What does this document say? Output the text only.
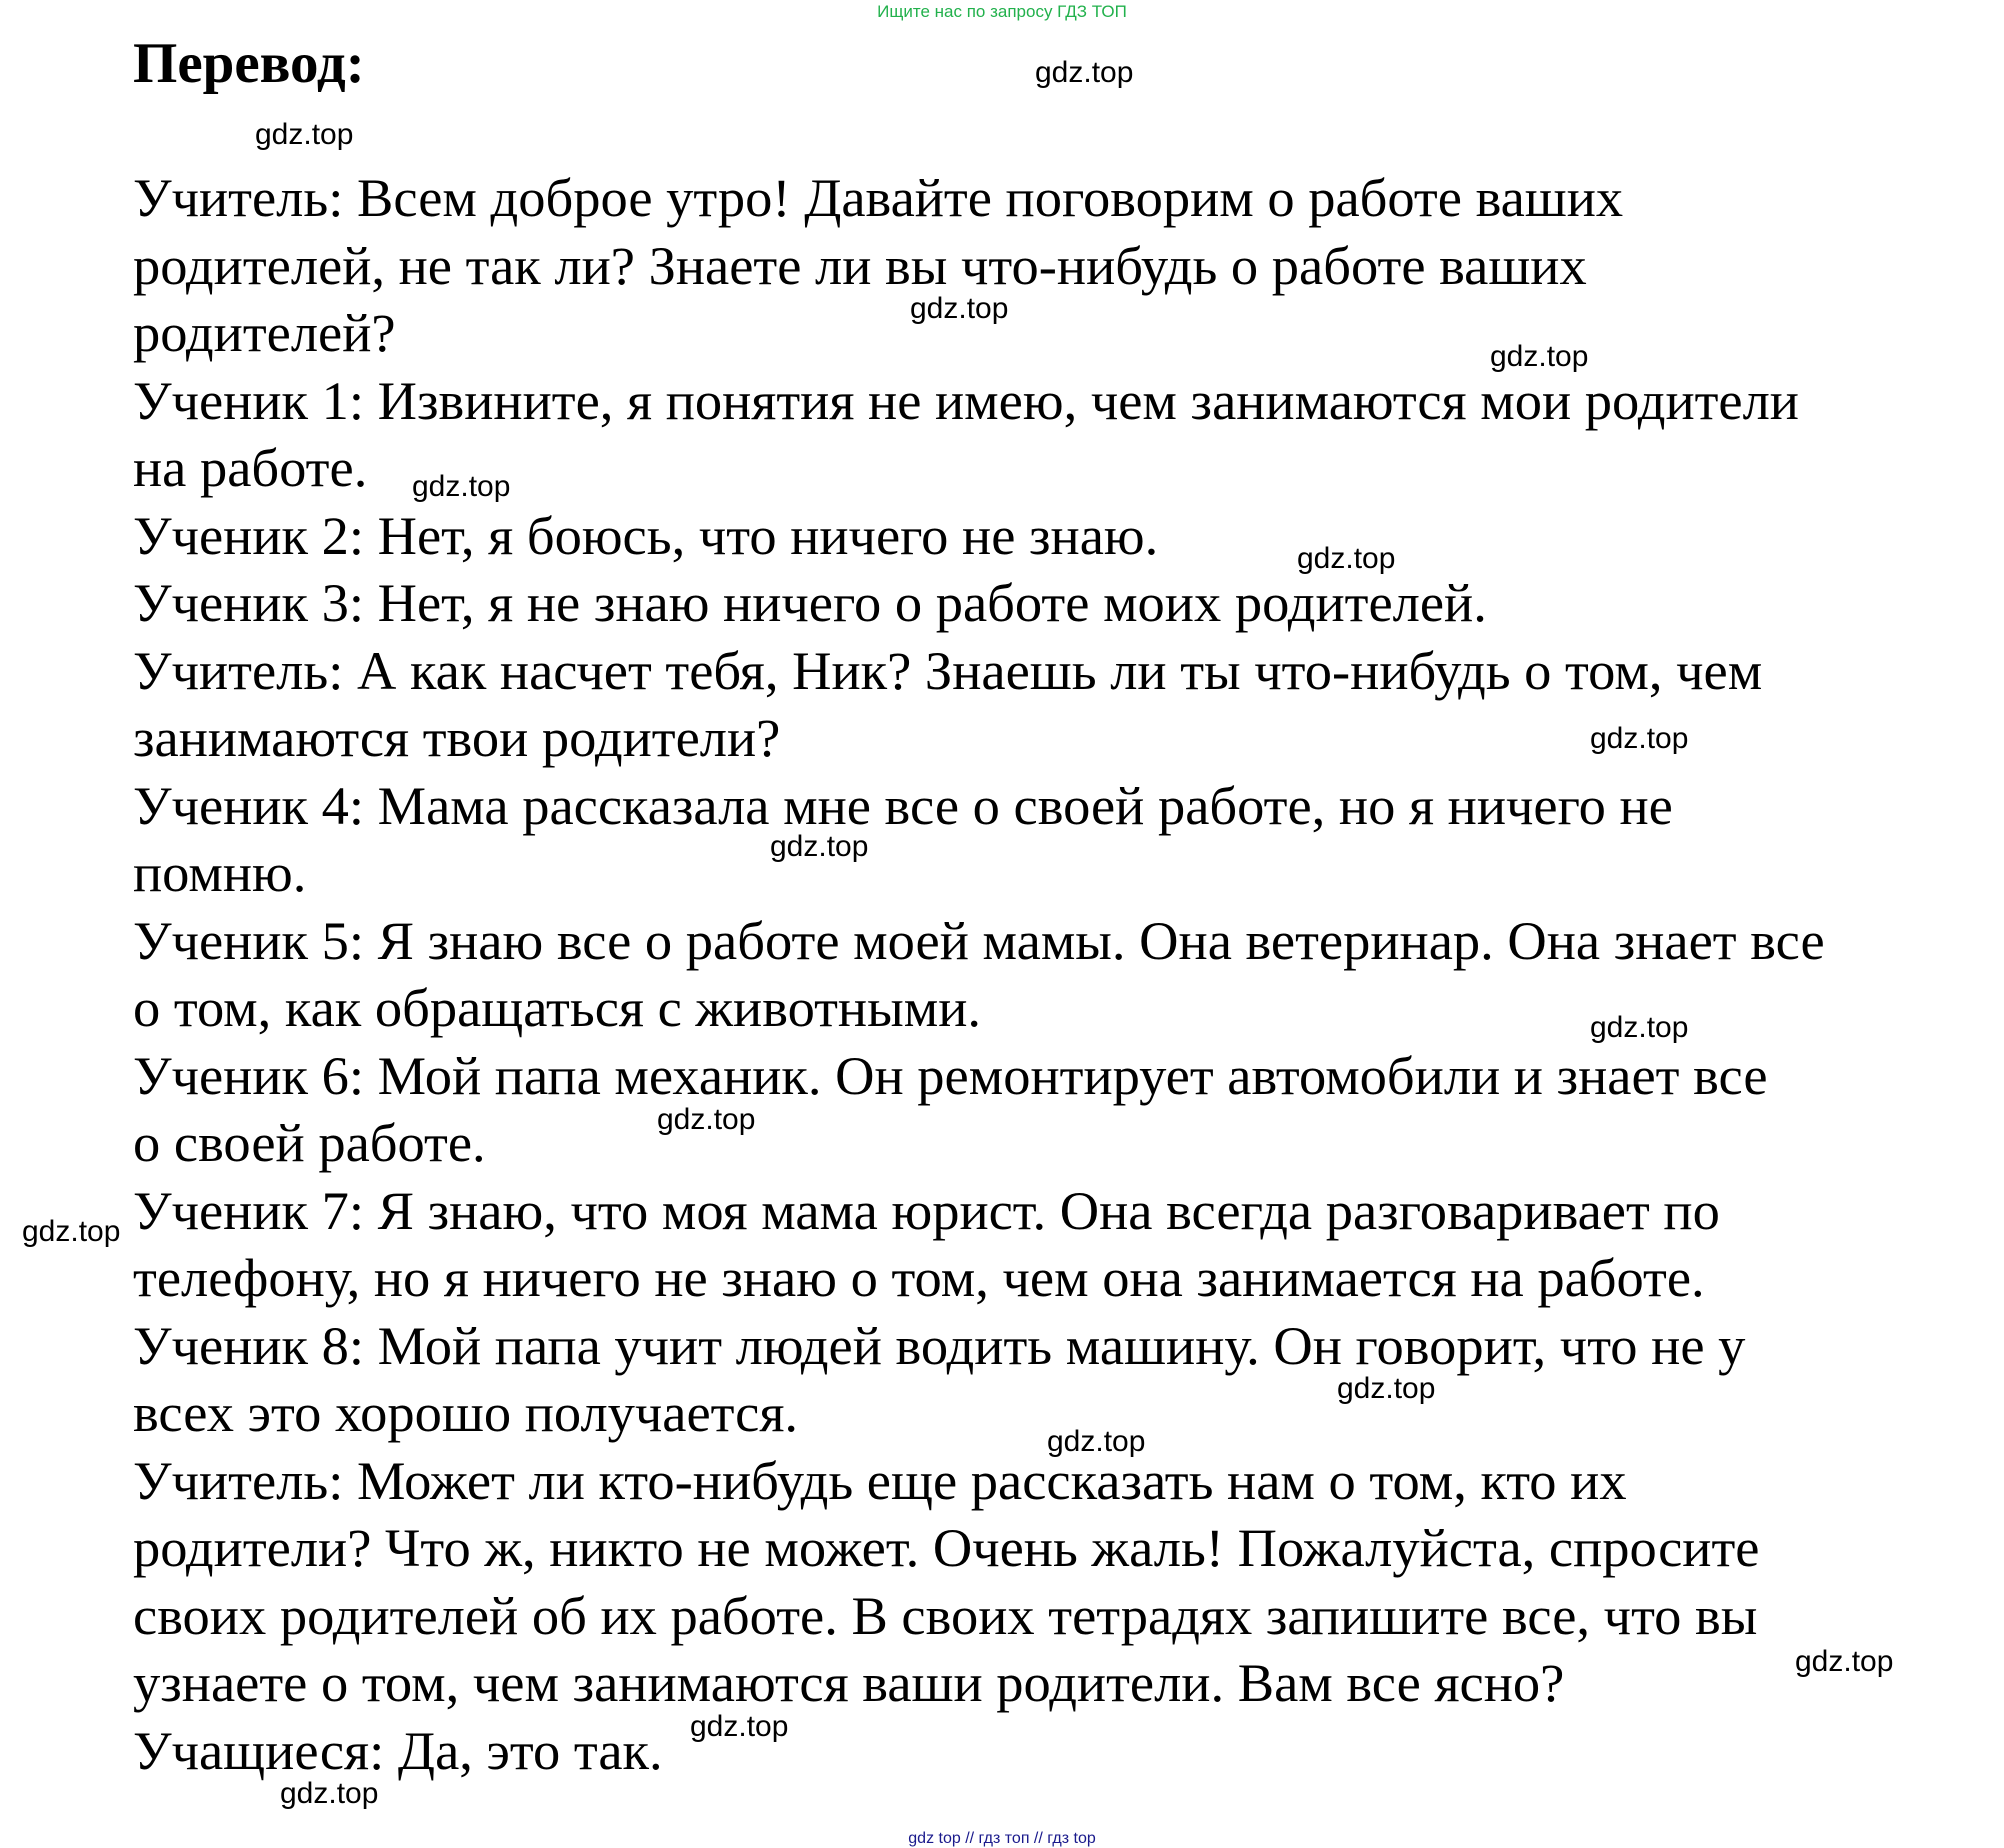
Ищите нас по запросу ГДЗ ТОП
Перевод:
Учитель: Всем доброе утро! Давайте поговорим о работе ваших
родителей, не так ли? Знаете ли вы что-нибудь о работе ваших
родителей?
Ученик 1: Извините, я понятия не имею, чем занимаются мои родители
на работе.
Ученик 2: Нет, я боюсь, что ничего не знаю.
Ученик 3: Нет, я не знаю ничего о работе моих родителей.
Учитель: А как насчет тебя, Ник? Знаешь ли ты что-нибудь о том, чем
занимаются твои родители?
Ученик 4: Мама рассказала мне все о своей работе, но я ничего не
помню.
Ученик 5: Я знаю все о работе моей мамы. Она ветеринар. Она знает все
о том, как обращаться с животными.
Ученик 6: Мой папа механик. Он ремонтирует автомобили и знает все
о своей работе.
Ученик 7: Я знаю, что моя мама юрист. Она всегда разговаривает по
телефону, но я ничего не знаю о том, чем она занимается на работе.
Ученик 8: Мой папа учит людей водить машину. Он говорит, что не у
всех это хорошо получается.
Учитель: Может ли кто-нибудь еще рассказать нам о том, кто их
родители? Что ж, никто не может. Очень жаль! Пожалуйста, спросите
своих родителей об их работе. В своих тетрадях запишите все, что вы
узнаете о том, чем занимаются ваши родители. Вам все ясно?
Учащиеся: Да, это так.
gdz.top
gdz.top
gdz.top
gdz.top
gdz.top
gdz.top
gdz.top
gdz.top
gdz.top
gdz.top
gdz.top
gdz.top
gdz.top
gdz.top
gdz.top
gdz.top
gdz top // гдз топ // гдз top
